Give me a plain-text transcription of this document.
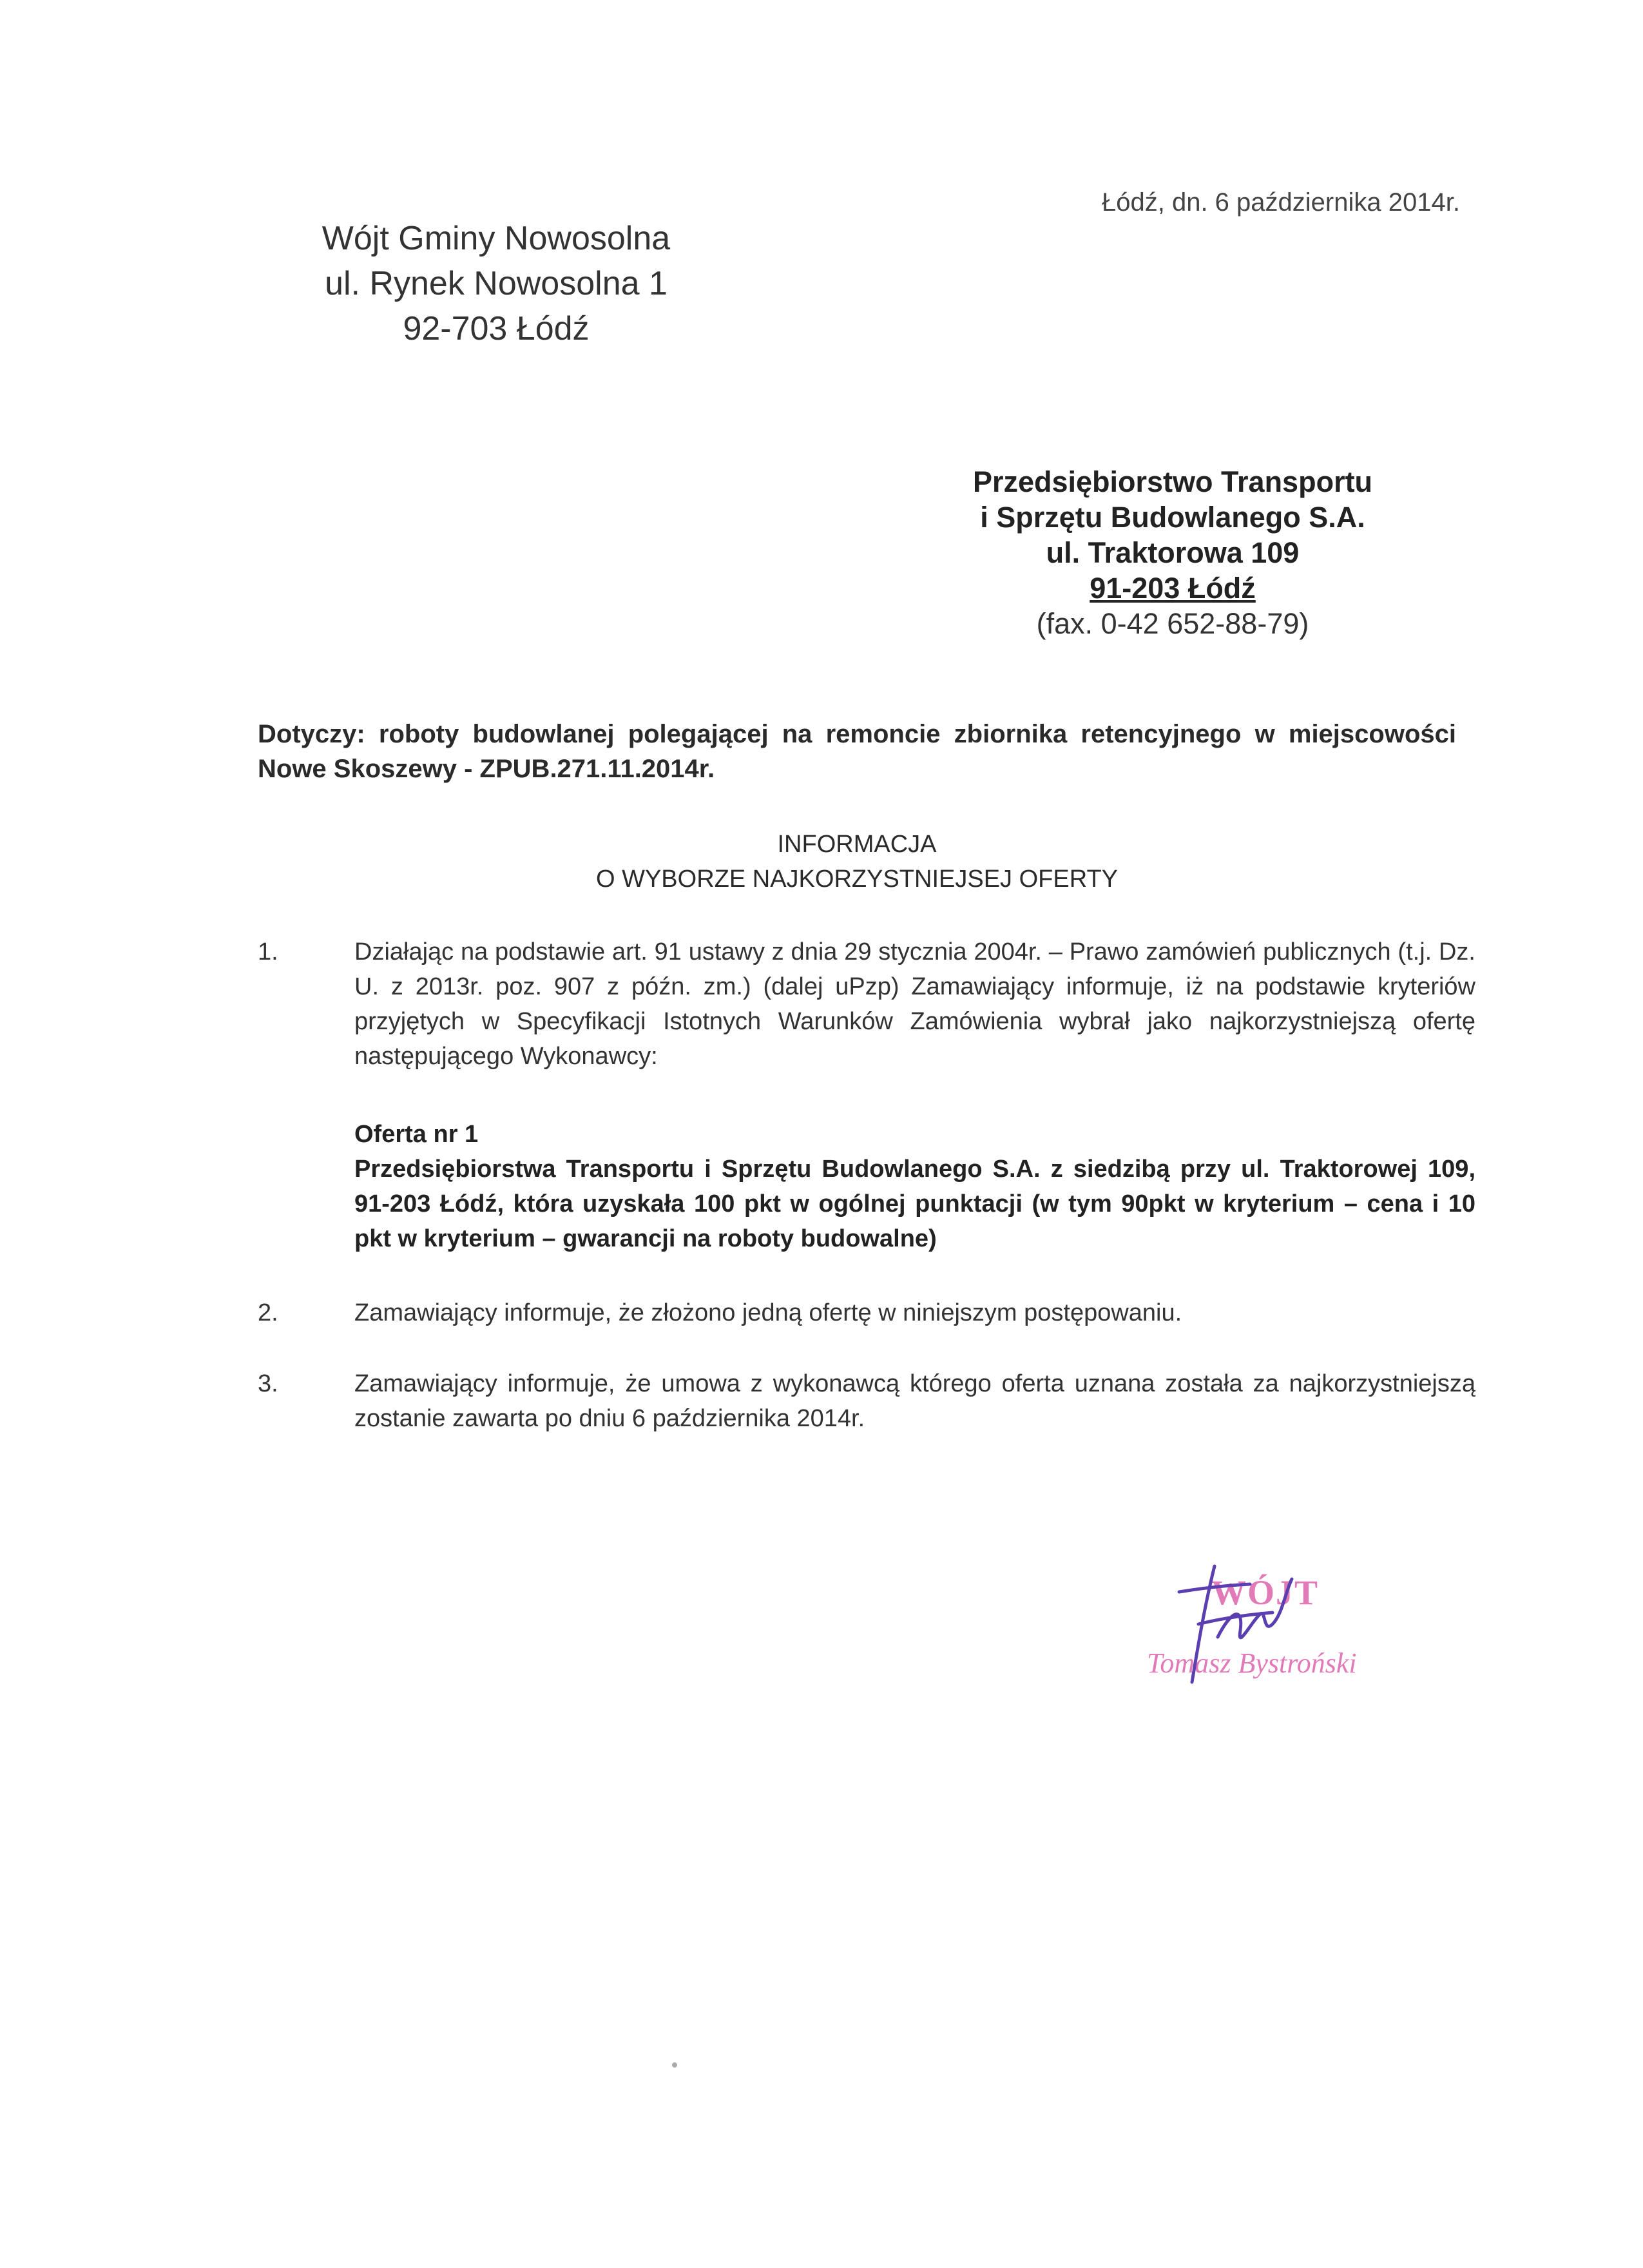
Łódź, dn. 6 października 2014r.
Wójt Gminy Nowosolna
ul. Rynek Nowosolna 1
92-703 Łódź
Przedsiębiorstwo Transportu
i Sprzętu Budowlanego S.A.
ul. Traktorowa 109
91-203 Łódź
(fax. 0-42 652-88-79)
Dotyczy: roboty budowlanej polegającej na remoncie zbiornika retencyjnego w miejscowości Nowe Skoszewy - ZPUB.271.11.2014r.
INFORMACJA
O WYBORZE NAJKORZYSTNIEJSEJ OFERTY
1.	Działając na podstawie art. 91 ustawy z dnia 29 stycznia 2004r. – Prawo zamówień publicznych (t.j. Dz. U. z 2013r. poz. 907 z późn. zm.) (dalej uPzp) Zamawiający informuje, iż na podstawie kryteriów przyjętych w Specyfikacji Istotnych Warunków Zamówienia wybrał jako najkorzystniejszą ofertę następującego Wykonawcy:
Oferta nr 1
Przedsiębiorstwa Transportu i Sprzętu Budowlanego S.A. z siedzibą przy ul. Traktorowej 109, 91-203 Łódź, która uzyskała 100 pkt w ogólnej punktacji (w tym 90pkt w kryterium – cena i 10 pkt w kryterium – gwarancji na roboty budowalne)
2.	Zamawiający informuje, że złożono jedną ofertę w niniejszym postępowaniu.
3.	Zamawiający informuje, że umowa z wykonawcą którego oferta uznana została za najkorzystniejszą zostanie zawarta po dniu 6 października 2014r.
WÓJT
Tomasz Bystroński
